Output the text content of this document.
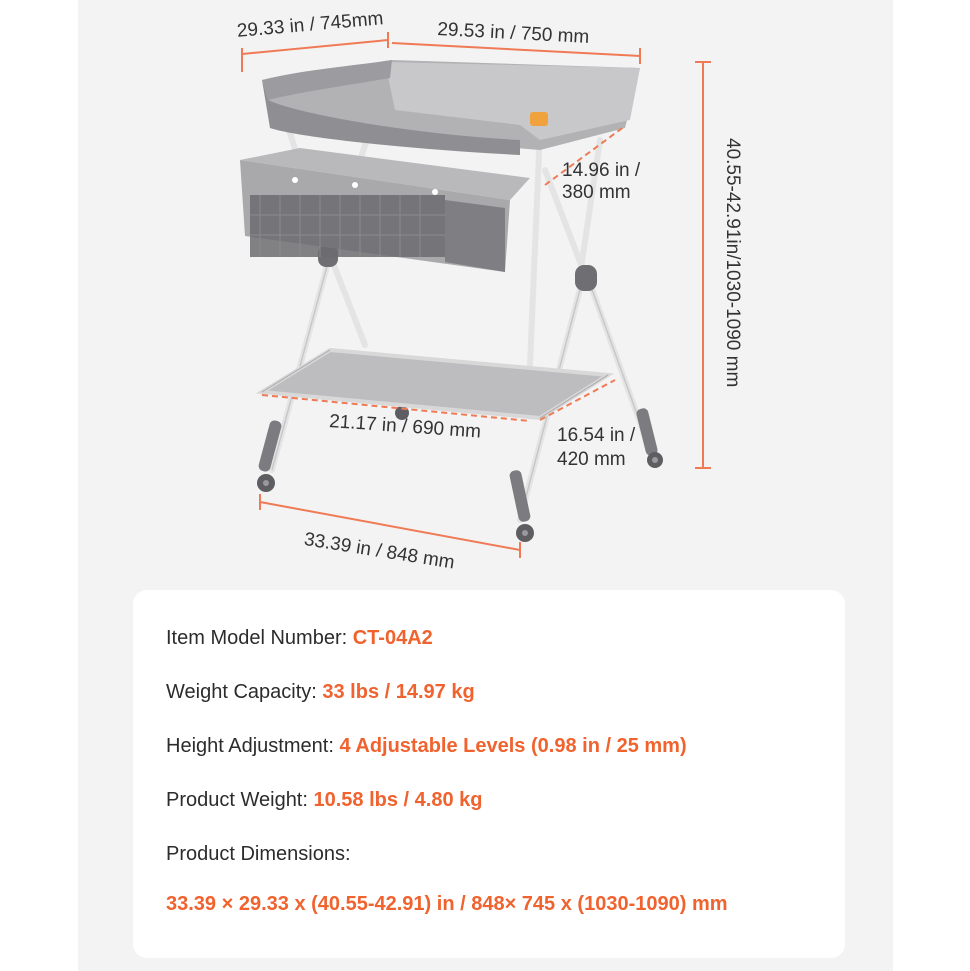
29.33 in / 745mm	29.53 in / 750 mm
14.96 in /
380 mm	40.55-42.91in/1030-1090 mm
21.17 in / 690 mm	16.54 in /
420 mm
33.39 in / 848 mm
Item Model Number: CT-04A2
Weight Capacity: 33 lbs / 14.97 kg
Height Adjustment: 4 Adjustable Levels (0.98 in / 25 mm)
Product Weight: 10.58 lbs / 4.80 kg
Product Dimensions:
33.39 × 29.33 x (40.55-42.91) in / 848× 745 x (1030-1090) mm
